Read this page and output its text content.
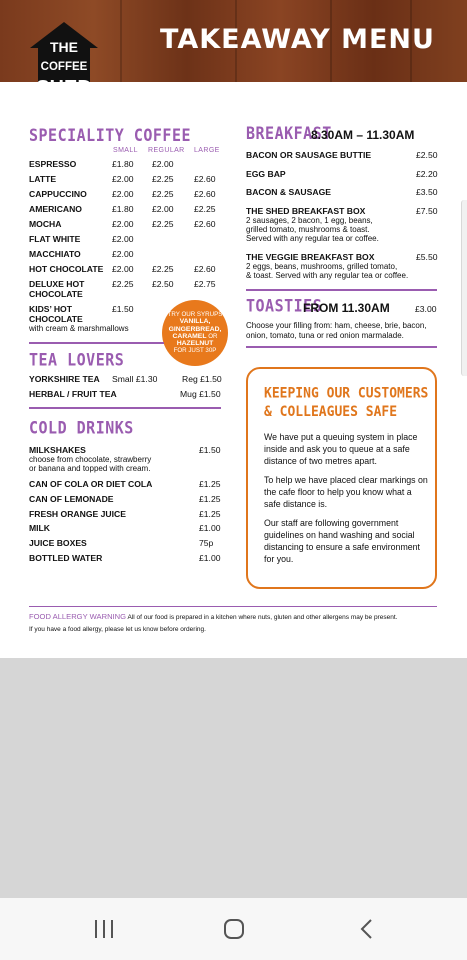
TAKEAWAY MENU
THE
COFFEE
SPECIALITY COFFEE
SMALL REGULAR LARGE
ESPRESSO	£1.80 £2.00
LATTE	£2.00 £2.25 £2.60
CAPPUCCINO	£2.00 £2.25 £2.60
AMERICANO	£1.80 £2.00 £2.25
MOCHA	£2.00 £2.25 £2.60
FLAT WHITE	£2.00
MACCHIATO	£2.00
HOT CHOCOLATE £2.00 £2.25 £2.60
DELUXE HOT	£2.25 £2.50 £2.75
CHOCOLATE
KIDS’ HOT	£1.50
CHOCOLATE
with cream & marshmallows
TRY OUR SYRUPS
VANILLA,
GINGERBREAD,
CARAMEL OR
HAZELNUT
FOR JUST 30P
TEA LOVERS
YORKSHIRE TEA Small £1.30	Reg £1.50
HERBAL / FRUIT TEA	Mug £1.50
COLD DRINKS
MILKSHAKES	£1.50
choose from chocolate, strawberry
or banana and topped with cream.
CAN OF COLA OR DIET COLA	£1.25
CAN OF LEMONADE	£1.25
FRESH ORANGE JUICE	£1.25
MILK	£1.00
JUICE BOXES	75p
BOTTLED WATER	£1.00
BREAKFAST
8.30AM – 11.30AM
BACON OR SAUSAGE BUTTIE	£2.50
EGG BAP	£2.20
BACON & SAUSAGE	£3.50
THE SHED BREAKFAST BOX	£7.50
2 sausages, 2 bacon, 1 egg, beans,
grilled tomato, mushrooms & toast.
Served with any regular tea or coffee.
THE VEGGIE BREAKFAST BOX	£5.50
2 eggs, beans, mushrooms, grilled tomato,
& toast. Served with any regular tea or coffee.
TOASTIES
FROM 11.30AM	£3.00
Choose your filling from: ham, cheese, brie, bacon,
onion, tomato, tuna or red onion marmalade.
KEEPING OUR CUSTOMERS
& COLLEAGUES SAFE
We have put a queuing system in place inside and ask you to queue at a safe distance of two metres apart.
To help we have placed clear markings on the cafe floor to help you know what a safe distance is.
Our staff are following government guidelines on hand washing and social distancing to ensure a safe environment for you.
FOOD ALLERGY WARNING All of our food is prepared in a kitchen where nuts, gluten and other allergens may be present.
If you have a food allergy, please let us know before ordering.
